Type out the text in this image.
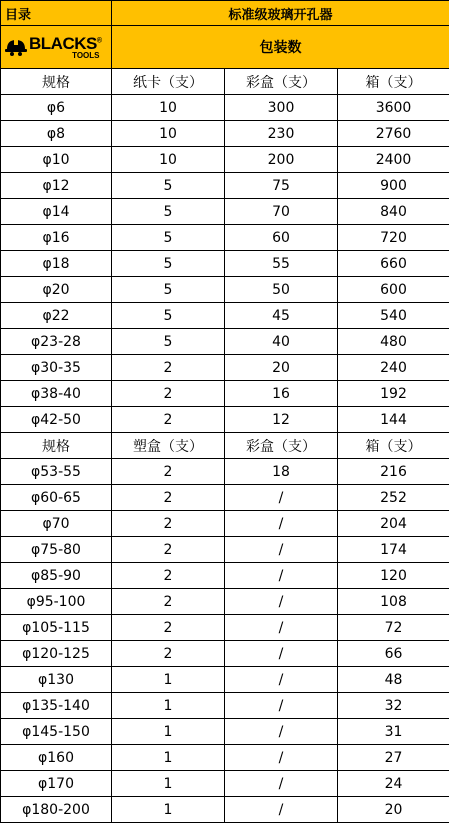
目录	标准级玻璃开孔器		

BLACKS®
TOOLS	包装数		
规格	纸卡（支）	彩盒（支）	箱（支）
φ6	10	300	3600
φ8	10	230	2760
φ10	10	200	2400
φ12	5	75	900
φ14	5	70	840
φ16	5	60	720
φ18	5	55	660
φ20	5	50	600
φ22	5	45	540
φ23-28	5	40	480
φ30-35	2	20	240
φ38-40	2	16	192
φ42-50	2	12	144
规格	塑盒（支）	彩盒（支）	箱（支）
φ53-55	2	18	216
φ60-65	2	/	252
φ70	2	/	204
φ75-80	2	/	174
φ85-90	2	/	120
φ95-100	2	/	108
φ105-115	2	/	72
φ120-125	2	/	66
φ130	1	/	48
φ135-140	1	/	32
φ145-150	1	/	31
φ160	1	/	27
φ170	1	/	24
φ180-200	1	/	20
